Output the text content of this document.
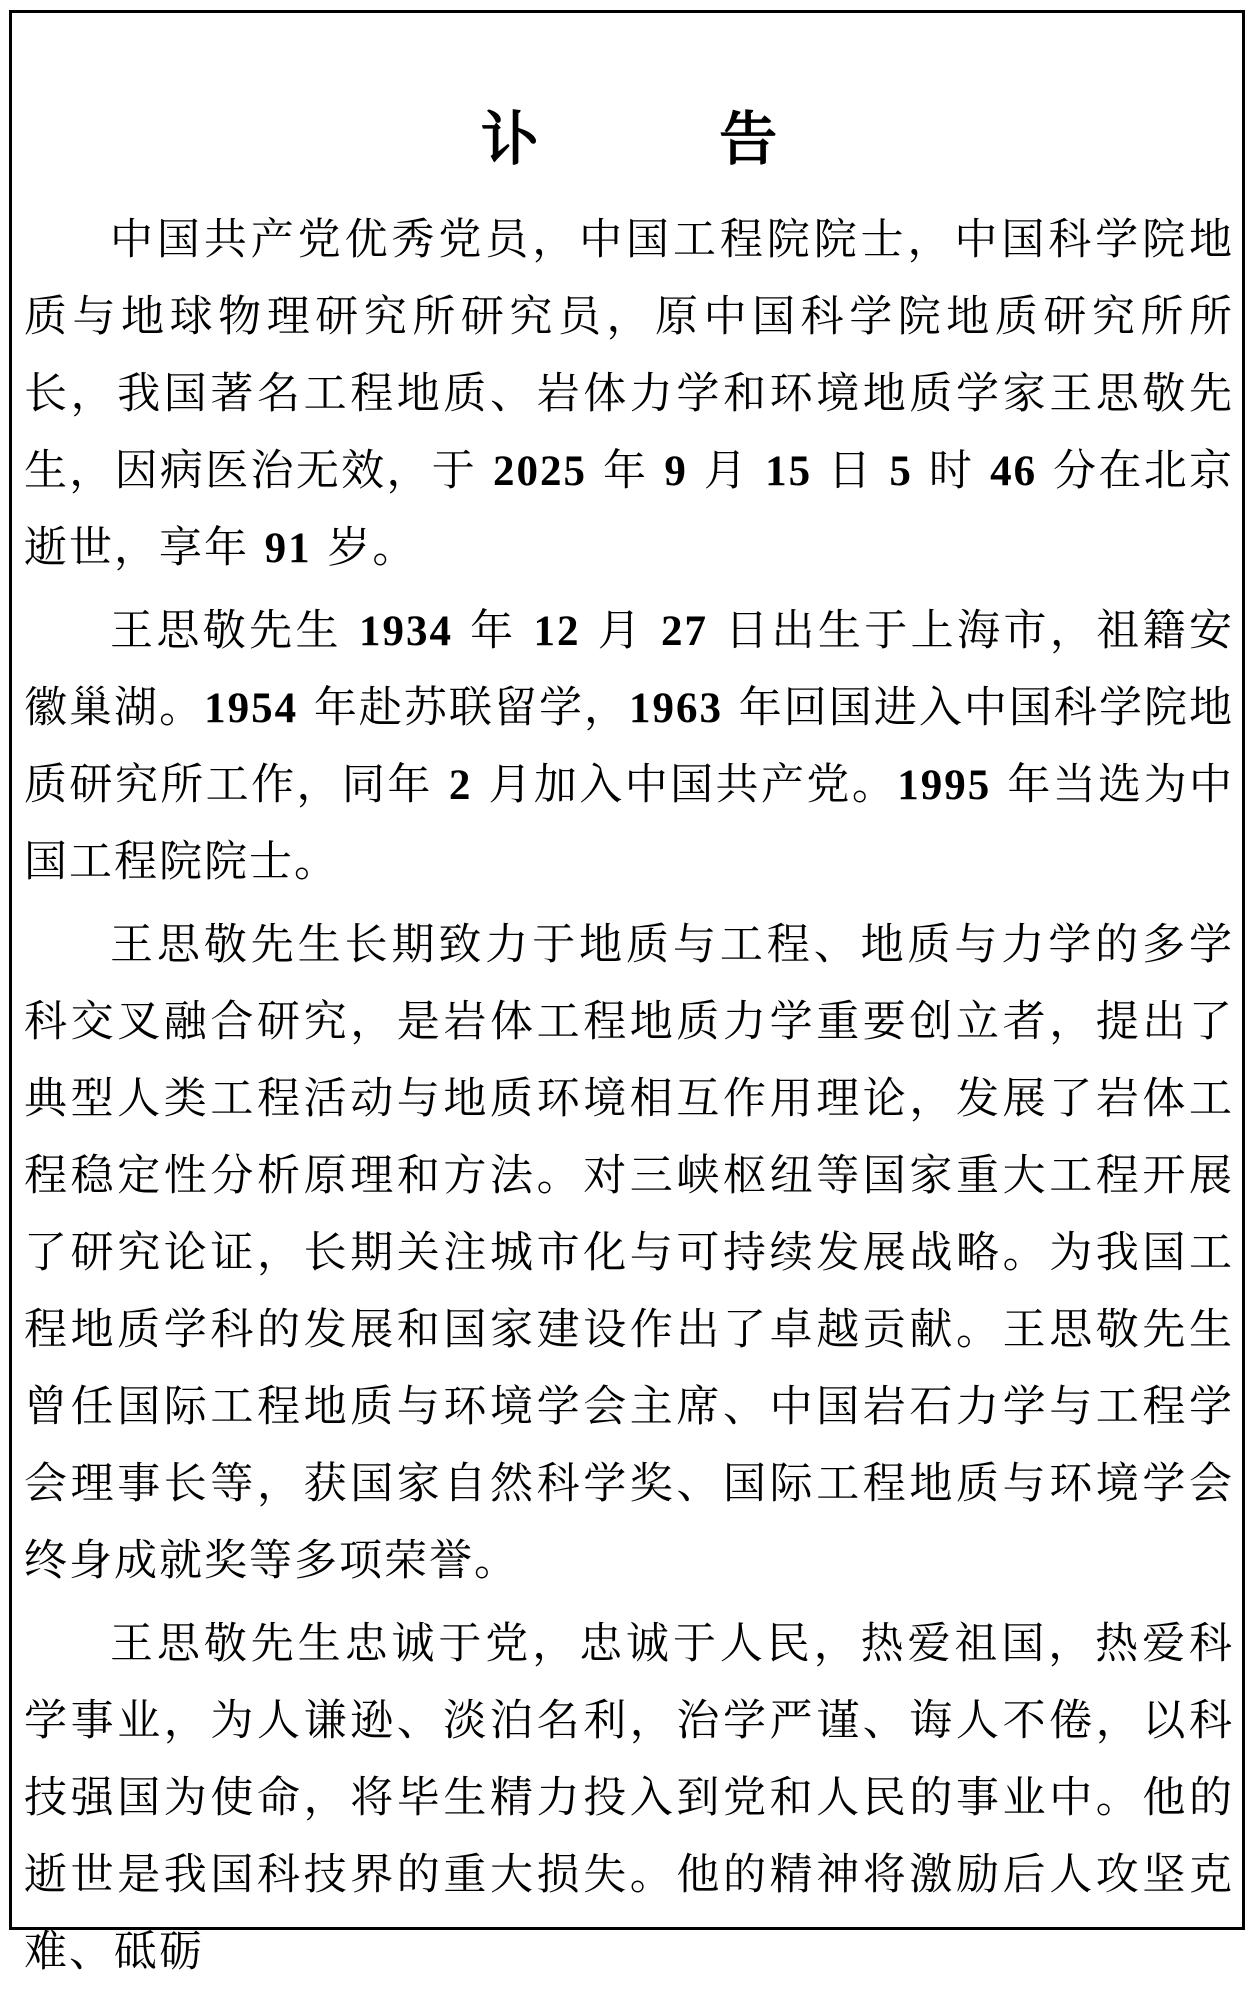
讣 告

中国共产党优秀党员，中国工程院院士，中国科学院地质与地球物理研究所研究员，原中国科学院地质研究所所长，我国著名工程地质、岩体力学和环境地质学家王思敬先生，因病医治无效，于 2025 年 9 月 15 日 5 时 46 分在北京逝世，享年 91 岁。

王思敬先生 1934 年 12 月 27 日出生于上海市，祖籍安徽巢湖。1954 年赴苏联留学，1963 年回国进入中国科学院地质研究所工作，同年 2 月加入中国共产党。1995 年当选为中国工程院院士。

王思敬先生长期致力于地质与工程、地质与力学的多学科交叉融合研究，是岩体工程地质力学重要创立者，提出了典型人类工程活动与地质环境相互作用理论，发展了岩体工程稳定性分析原理和方法。对三峡枢纽等国家重大工程开展了研究论证，长期关注城市化与可持续发展战略。为我国工程地质学科的发展和国家建设作出了卓越贡献。王思敬先生曾任国际工程地质与环境学会主席、中国岩石力学与工程学会理事长等，获国家自然科学奖、国际工程地质与环境学会终身成就奖等多项荣誉。

王思敬先生忠诚于党，忠诚于人民，热爱祖国，热爱科学事业，为人谦逊、淡泊名利，治学严谨、诲人不倦，以科技强国为使命，将毕生精力投入到党和人民的事业中。他的逝世是我国科技界的重大损失。他的精神将激励后人攻坚克难、砥砺
